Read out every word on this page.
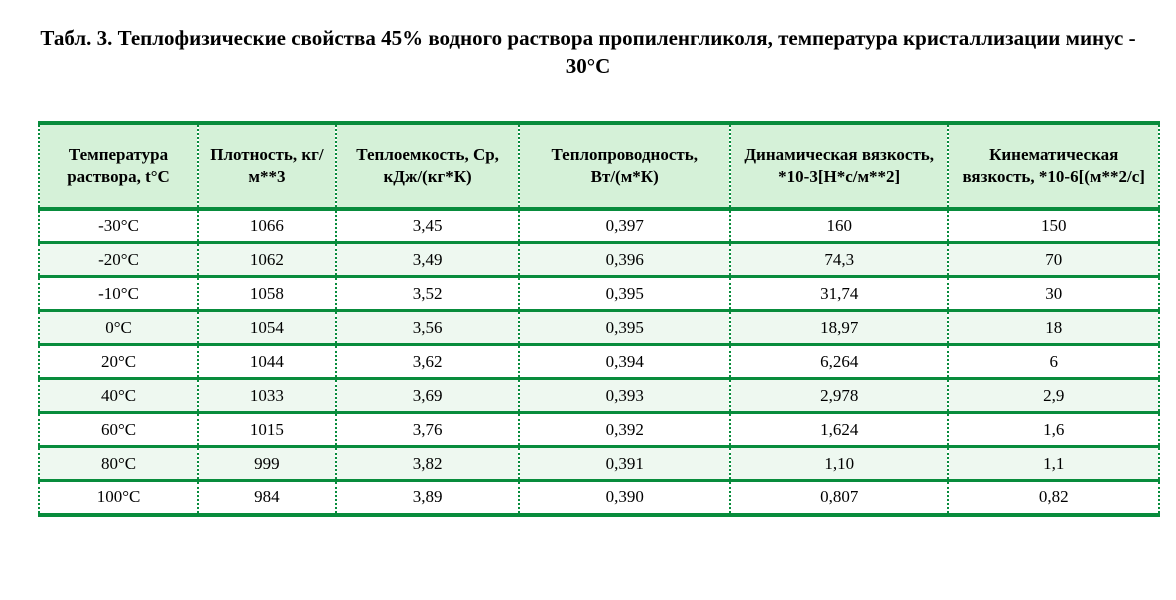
Табл. 3. Теплофизические свойства 45% водного раствора пропиленгликоля, температура кристаллизации минус - 30°С
Температура раствора, t°С	Плотность, кг/м**3	Теплоемкость, Ср, кДж/(кг*К)	Теплопроводность, Вт/(м*К)	Динамическая вязкость, *10-3[Н*с/м**2]	Кинематическая вязкость, *10-6[(м**2/с]
-30°С	1066	3,45	0,397	160	150
-20°С	1062	3,49	0,396	74,3	70
-10°С	1058	3,52	0,395	31,74	30
0°С	1054	3,56	0,395	18,97	18
20°С	1044	3,62	0,394	6,264	6
40°С	1033	3,69	0,393	2,978	2,9
60°С	1015	3,76	0,392	1,624	1,6
80°С	999	3,82	0,391	1,10	1,1
100°С	984	3,89	0,390	0,807	0,82
